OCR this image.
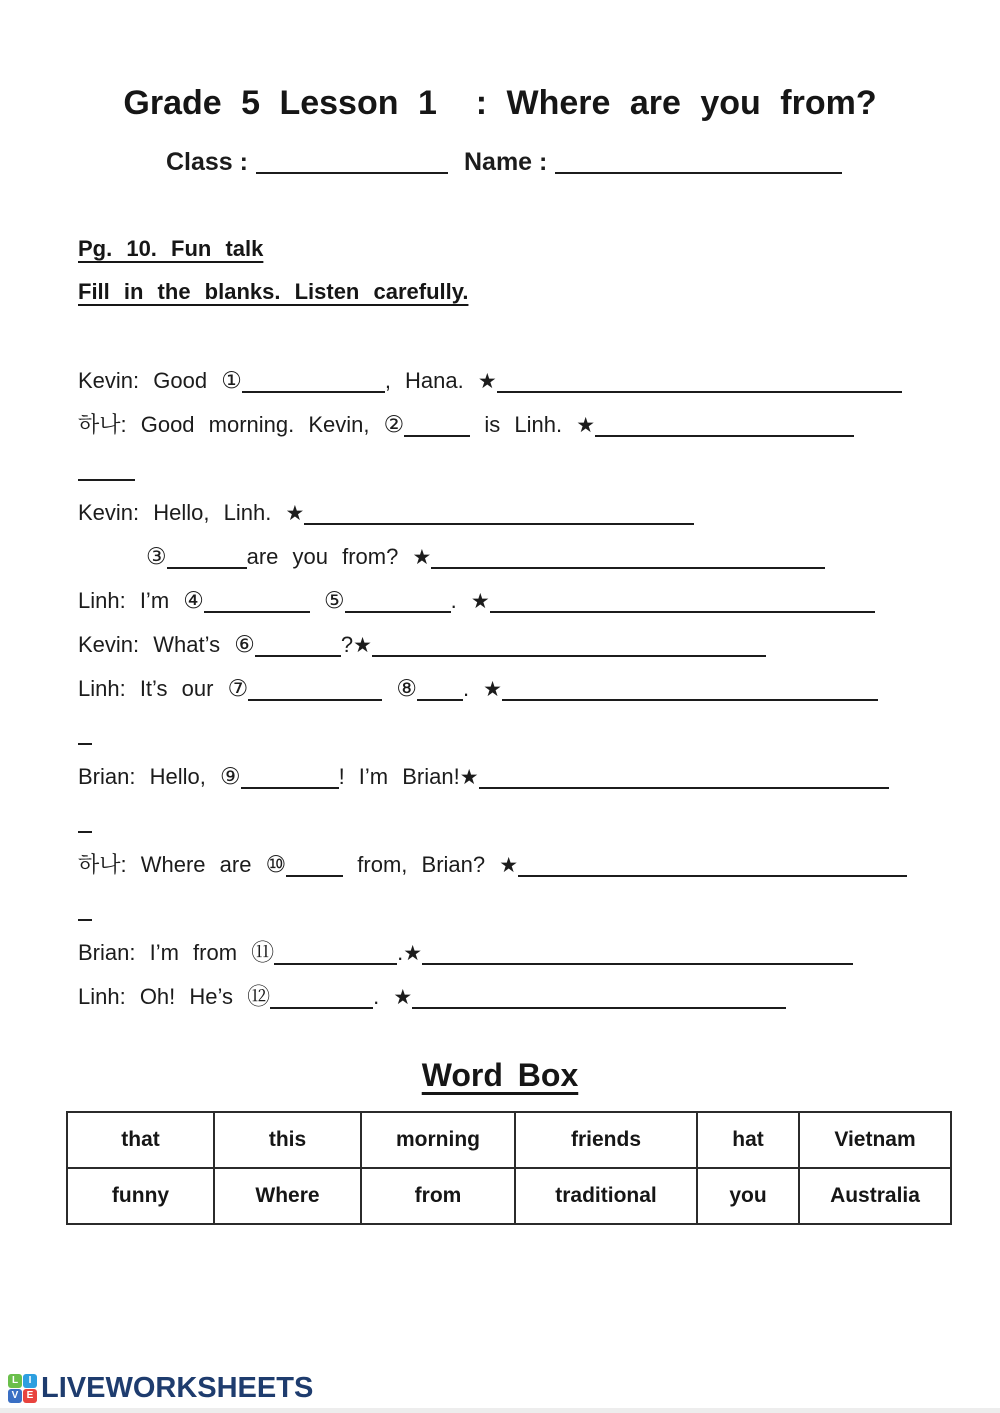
Grade 5 Lesson 1  : Where are you from?
Class :	Name :
Pg. 10. Fun talk
Fill in the blanks. Listen carefully.
Kevin: Good ①	, Hana. ★
하나: Good morning. Kevin, ②	is Linh. ★
Kevin: Hello, Linh. ★
③	are you from? ★
Linh: I’m ④	⑤	. ★
Kevin: What’s ⑥	?★
Linh: It’s our ⑦	⑧ . ★
Brian: Hello, ⑨	! I’m Brian!★
하나: Where are ⑩	from, Brian? ★
Brian: I’m from ⑪	.★
Linh: Oh! He’s ⑫	. ★
Word Box
that	this	morning	friends	hat	Vietnam
funny	Where	from	traditional	you	Australia
L	I
V E LIVEWORKSHEETS
